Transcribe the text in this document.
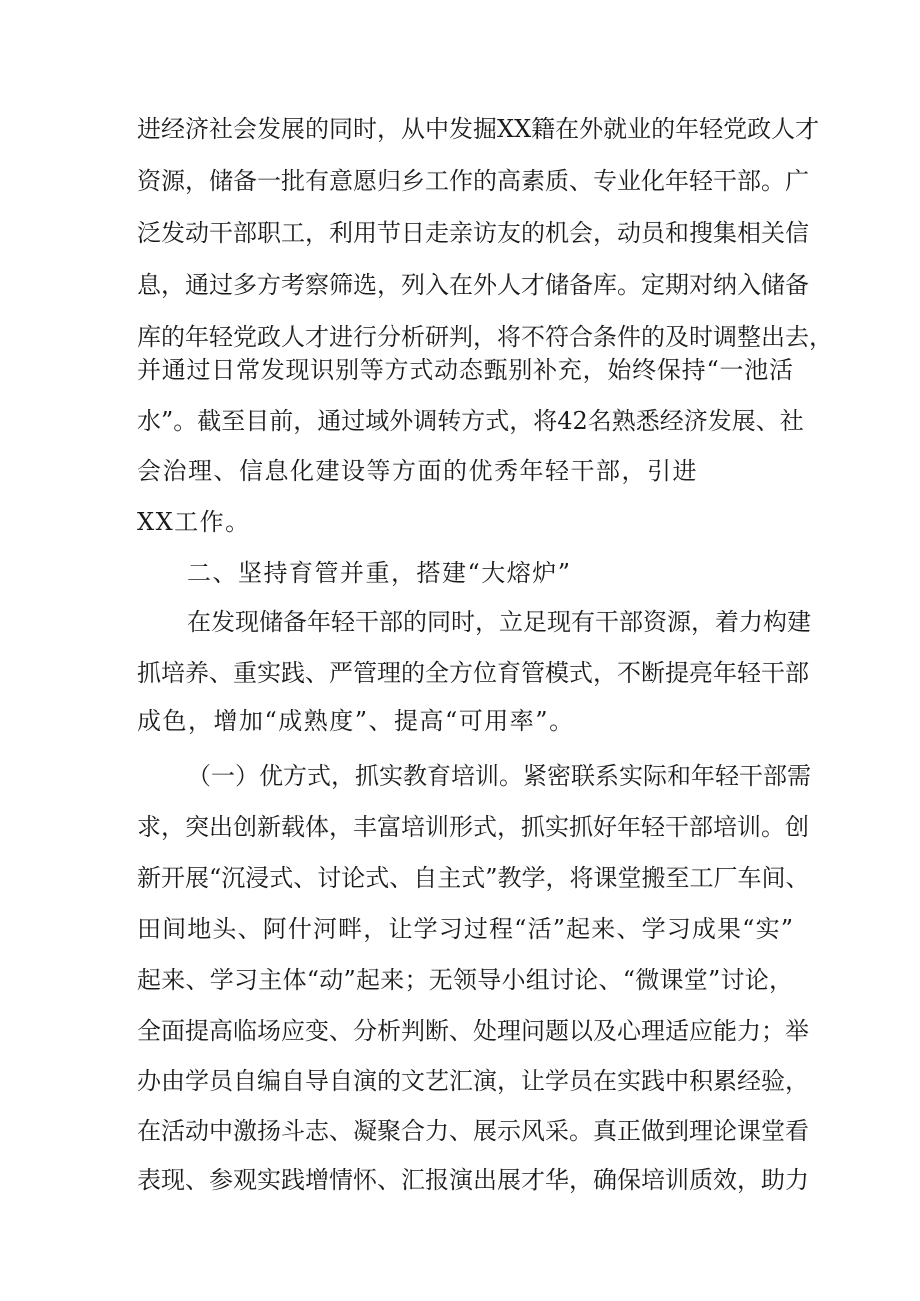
进经济社会发展的同时，从中发掘XX籍在外就业的年轻党政人才
资源，储备一批有意愿归乡工作的高素质、专业化年轻干部。广
泛发动干部职工，利用节日走亲访友的机会，动员和搜集相关信
息，通过多方考察筛选，列入在外人才储备库。定期对纳入储备
库的年轻党政人才进行分析研判，将不符合条件的及时调整出去，
并通过日常发现识别等方式动态甄别补充，始终保持“一池活
水”。截至目前，通过域外调转方式，将42名熟悉经济发展、社
会治理、信息化建设等方面的优秀年轻干部，引进
XX工作。
二、坚持育管并重，搭建“大熔炉”
在发现储备年轻干部的同时，立足现有干部资源，着力构建
抓培养、重实践、严管理的全方位育管模式，不断提亮年轻干部
成色，增加“成熟度”、提高“可用率”。
（一）优方式，抓实教育培训。紧密联系实际和年轻干部需
求，突出创新载体，丰富培训形式，抓实抓好年轻干部培训。创
新开展“沉浸式、讨论式、自主式”教学，将课堂搬至工厂车间、
田间地头、阿什河畔，让学习过程“活”起来、学习成果“实”
起来、学习主体“动”起来；无领导小组讨论、“微课堂”讨论，
全面提高临场应变、分析判断、处理问题以及心理适应能力；举
办由学员自编自导自演的文艺汇演，让学员在实践中积累经验，
在活动中激扬斗志、凝聚合力、展示风采。真正做到理论课堂看
表现、参观实践增情怀、汇报演出展才华，确保培训质效，助力
